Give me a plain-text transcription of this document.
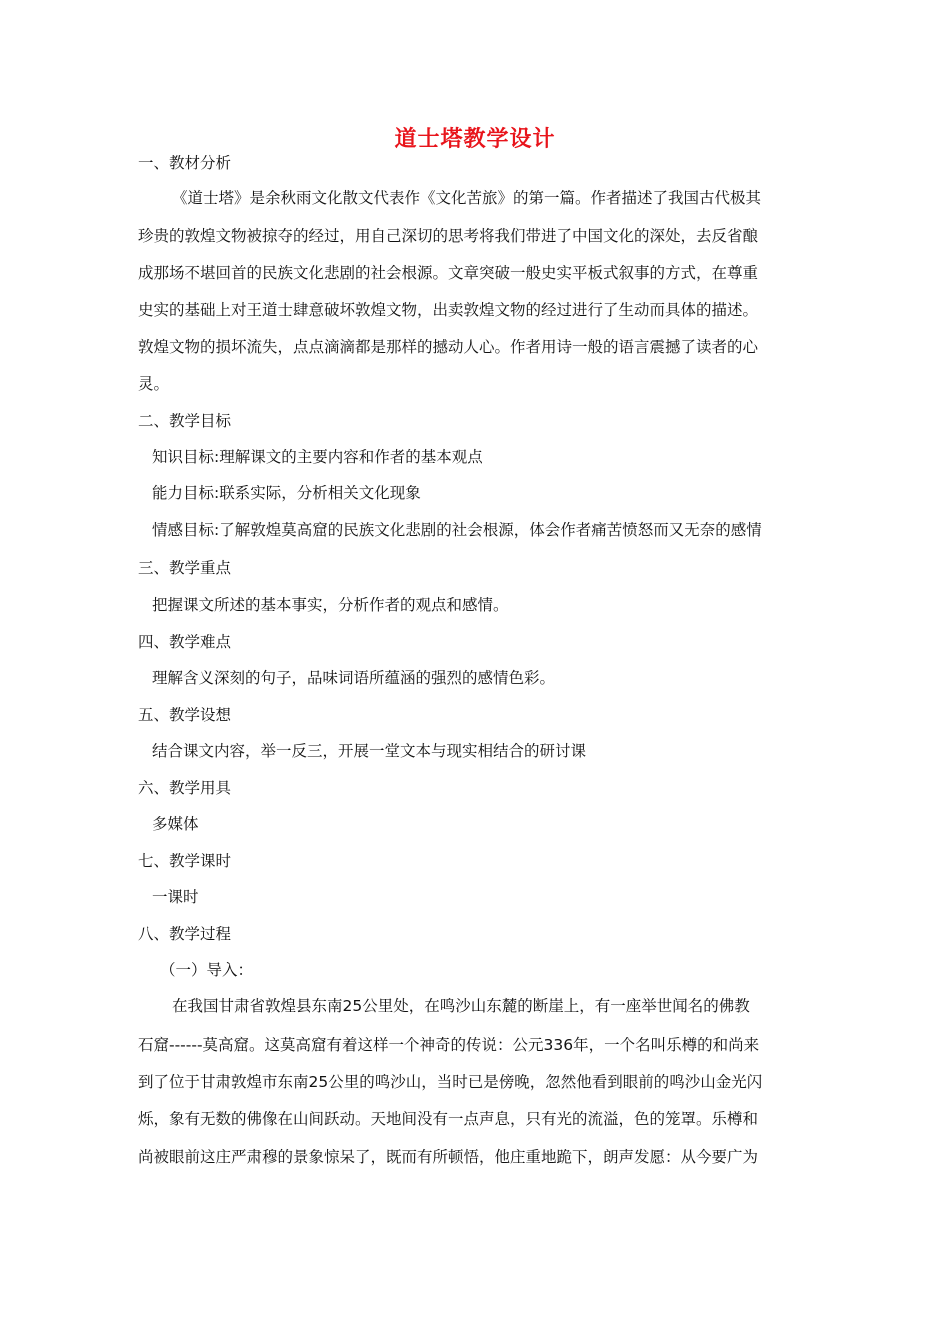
道士塔教学设计
一、教材分析
《道士塔》是余秋雨文化散文代表作《文化苦旅》的第一篇。作者描述了我国古代极其
珍贵的敦煌文物被掠夺的经过，用自己深切的思考将我们带进了中国文化的深处，去反省酿
成那场不堪回首的民族文化悲剧的社会根源。文章突破一般史实平板式叙事的方式，在尊重
史实的基础上对王道士肆意破坏敦煌文物，出卖敦煌文物的经过进行了生动而具体的描述。
敦煌文物的损坏流失，点点滴滴都是那样的撼动人心。作者用诗一般的语言震撼了读者的心
灵。
二、教学目标
知识目标:理解课文的主要内容和作者的基本观点
能力目标:联系实际，分析相关文化现象
情感目标:了解敦煌莫高窟的民族文化悲剧的社会根源，体会作者痛苦愤怒而又无奈的感情
三、教学重点
把握课文所述的基本事实，分析作者的观点和感情。
四、教学难点
理解含义深刻的句子，品味词语所蕴涵的强烈的感情色彩。
五、教学设想
结合课文内容，举一反三，开展一堂文本与现实相结合的研讨课
六、教学用具
多媒体
七、教学课时
一课时
八、教学过程
（一）导入：
在我国甘肃省敦煌县东南25公里处，在鸣沙山东麓的断崖上，有一座举世闻名的佛教
石窟------莫高窟。这莫高窟有着这样一个神奇的传说：公元336年，一个名叫乐樽的和尚来
到了位于甘肃敦煌市东南25公里的鸣沙山，当时已是傍晚，忽然他看到眼前的鸣沙山金光闪
烁，象有无数的佛像在山间跃动。天地间没有一点声息，只有光的流溢，色的笼罩。乐樽和
尚被眼前这庄严肃穆的景象惊呆了，既而有所顿悟，他庄重地跪下，朗声发愿：从今要广为
